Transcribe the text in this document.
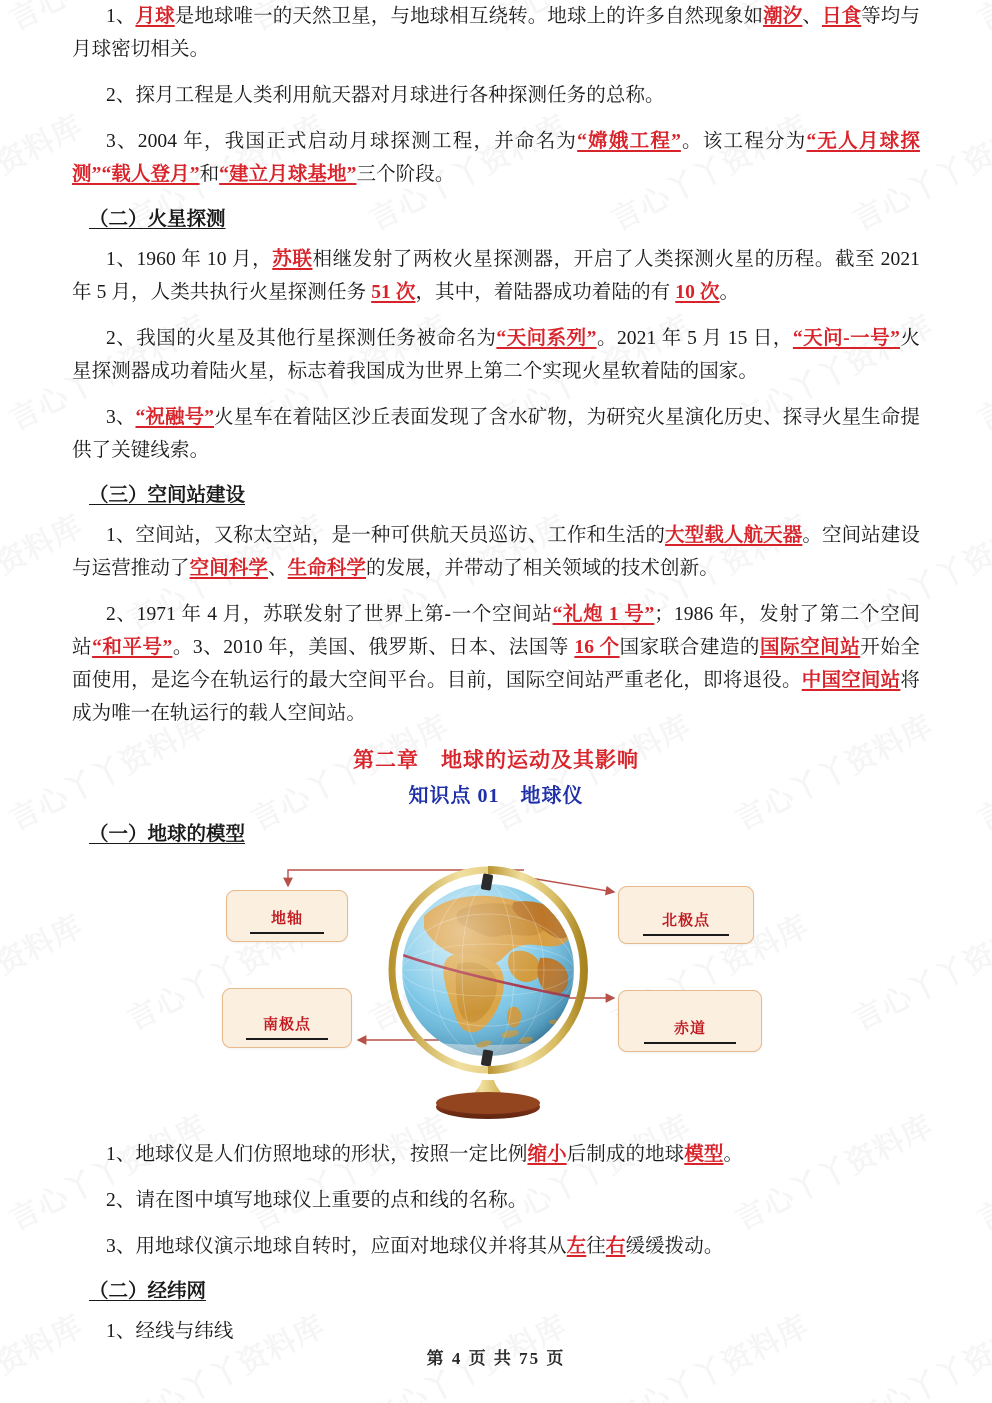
1、月球是地球唯一的天然卫星，与地球相互绕转。地球上的许多自然现象如潮汐、日食等均与月球密切相关。
2、探月工程是人类利用航天器对月球进行各种探测任务的总称。
3、2004 年，我国正式启动月球探测工程，并命名为“嫦娥工程”。该工程分为“无人月球探测”“载人登月”和“建立月球基地”三个阶段。
（二）火星探测
1、1960 年 10 月，苏联相继发射了两枚火星探测器，开启了人类探测火星的历程。截至 2021 年 5 月，人类共执行火星探测任务 51 次，其中，着陆器成功着陆的有 10 次。
2、我国的火星及其他行星探测任务被命名为“天问系列”。2021 年 5 月 15 日，“天问-一号”火星探测器成功着陆火星，标志着我国成为世界上第二个实现火星软着陆的国家。
3、“祝融号”火星车在着陆区沙丘表面发现了含水矿物，为研究火星演化历史、探寻火星生命提供了关键线索。
（三）空间站建设
1、空间站，又称太空站，是一种可供航天员巡访、工作和生活的大型载人航天器。空间站建设与运营推动了空间科学、生命科学的发展，并带动了相关领域的技术创新。
2、1971 年 4 月，苏联发射了世界上第-一个空间站“礼炮 1 号”；1986 年，发射了第二个空间站“和平号”。3、2010 年，美国、俄罗斯、日本、法国等 16 个国家联合建造的国际空间站开始全面使用，是迄今在轨运行的最大空间平台。目前，国际空间站严重老化，即将退役。中国空间站将成为唯一在轨运行的载人空间站。
第二章　地球的运动及其影响
知识点 01　地球仪
（一）地球的模型
地轴
南极点
北极点
赤道
1、地球仪是人们仿照地球的形状，按照一定比例缩小后制成的地球模型。
2、请在图中填写地球仪上重要的点和线的名称。
3、用地球仪演示地球自转时，应面对地球仪并将其从左往右缓缓拨动。
（二）经纬网
1、经线与纬线
第 4 页 共 75 页
